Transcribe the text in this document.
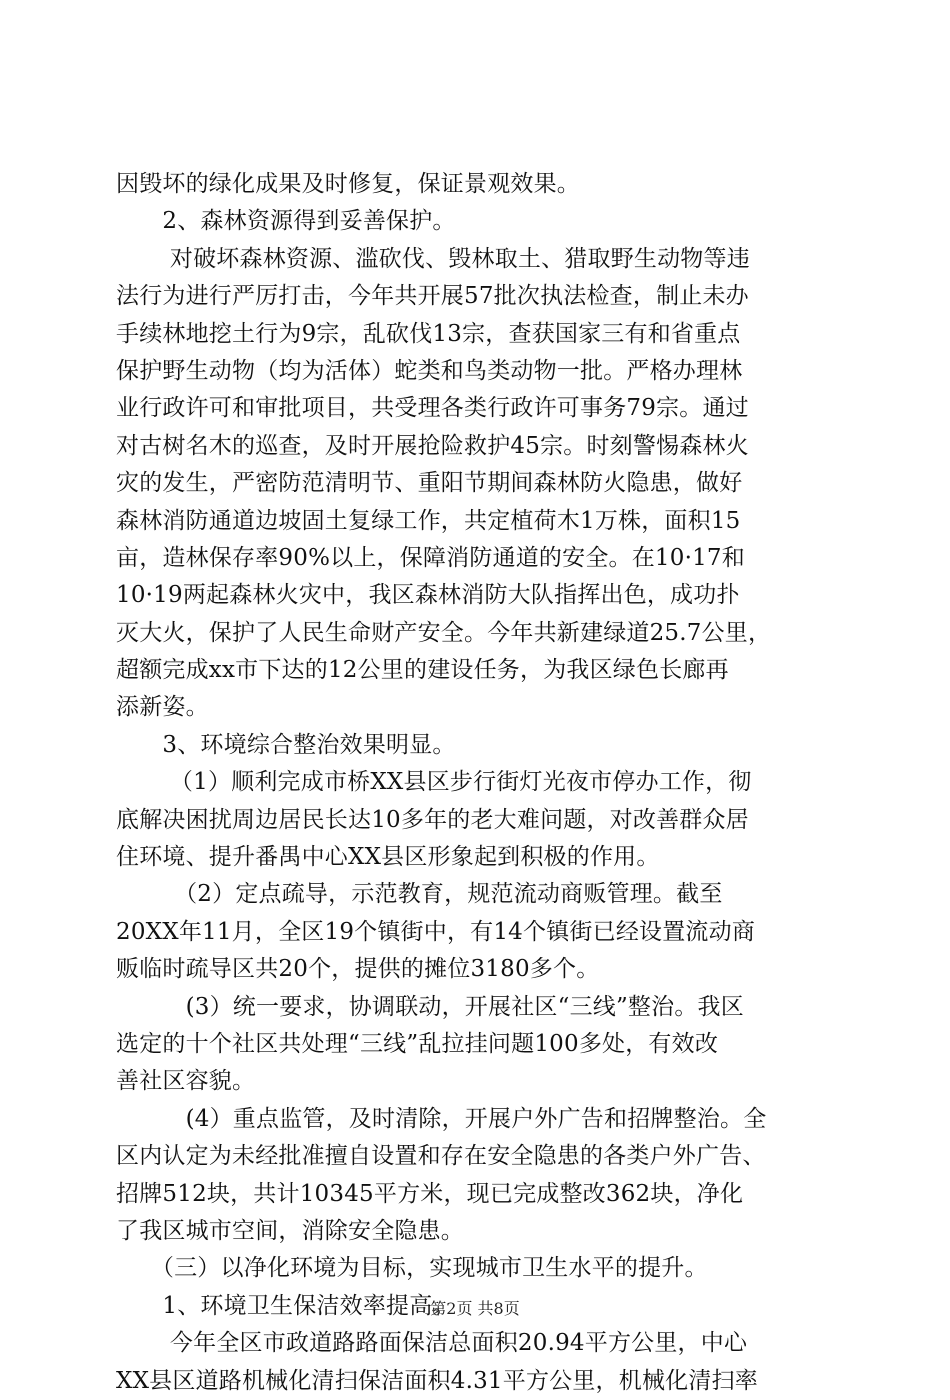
因毁坏的绿化成果及时修复，保证景观效果。
　　2、森林资源得到妥善保护。
　　 对破坏森林资源、滥砍伐、毁林取土、猎取野生动物等违
法行为进行严厉打击，今年共开展57批次执法检查，制止未办
手续林地挖土行为9宗，乱砍伐13宗，查获国家三有和省重点
保护野生动物（均为活体）蛇类和鸟类动物一批。严格办理林
业行政许可和审批项目，共受理各类行政许可事务79宗。通过
对古树名木的巡查，及时开展抢险救护45宗。时刻警惕森林火
灾的发生，严密防范清明节、重阳节期间森林防火隐患，做好
森林消防通道边坡固土复绿工作，共定植荷木1万株，面积15
亩，造林保存率90%以上，保障消防通道的安全。在10·17和
10·19两起森林火灾中，我区森林消防大队指挥出色，成功扑
灭大火，保护了人民生命财产安全。今年共新建绿道25.7公里，
超额完成xx市下达的12公里的建设任务，为我区绿色长廊再
添新姿。
　　3、环境综合整治效果明显。
　　 （1）顺利完成市桥XX县区步行街灯光夜市停办工作，彻
底解决困扰周边居民长达10多年的老大难问题，对改善群众居
住环境、提升番禺中心XX县区形象起到积极的作用。
　　　（2）定点疏导，示范教育，规范流动商贩管理。截至
20XX年11月，全区19个镇街中，有14个镇街已经设置流动商
贩临时疏导区共20个，提供的摊位3180多个。
　　　(3）统一要求，协调联动，开展社区“三线”整治。我区
选定的十个社区共处理“三线”乱拉挂问题100多处，有效改
善社区容貌。
　　　(4）重点监管，及时清除，开展户外广告和招牌整治。全
区内认定为未经批准擅自设置和存在安全隐患的各类户外广告、
招牌512块，共计10345平方米，现已完成整改362块，净化
了我区城市空间，消除安全隐患。
　　（三）以净化环境为目标，实现城市卫生水平的提升。
　　1、环境卫生保洁效率提高。
　　 今年全区市政道路路面保洁总面积20.94平方公里，中心
XX县区道路机械化清扫保洁面积4.31平方公里，机械化清扫率
第2页 共8页
